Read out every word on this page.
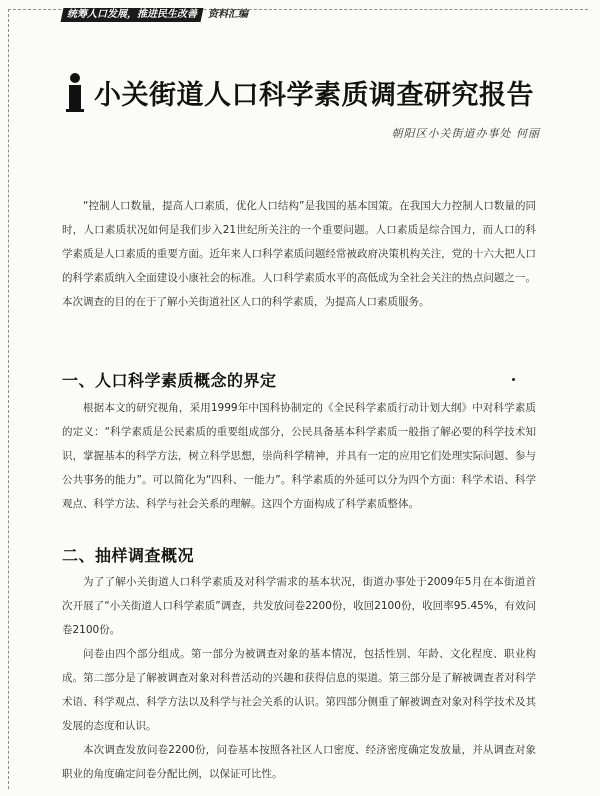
统筹人口发展，推进民生改善	资料汇编
小关街道人口科学素质调查研究报告
朝阳区小关街道办事处 何丽

“控制人口数量，提高人口素质，优化人口结构”是我国的基本国策。在我国大力控制人口数量的同时，人口素质状况如何是我们步入21世纪所关注的一个重要问题。人口素质是综合国力，而人口的科学素质是人口素质的重要方面。近年来人口科学素质问题经常被政府决策机构关注，党的十六大把人口的科学素质纳入全面建设小康社会的标准。人口科学素质水平的高低成为全社会关注的热点问题之一。本次调查的目的在于了解小关街道社区人口的科学素质，为提高人口素质服务。

一、人口科学素质概念的界定

根据本文的研究视角，采用1999年中国科协制定的《全民科学素质行动计划大纲》中对科学素质的定义：“科学素质是公民素质的重要组成部分，公民具备基本科学素质一般指了解必要的科学技术知识，掌握基本的科学方法，树立科学思想，崇尚科学精神，并具有一定的应用它们处理实际问题、参与公共事务的能力”。可以简化为“四科、一能力”。科学素质的外延可以分为四个方面：科学术语、科学观点、科学方法、科学与社会关系的理解。这四个方面构成了科学素质整体。

二、抽样调查概况

为了了解小关街道人口科学素质及对科学需求的基本状况，街道办事处于2009年5月在本街道首次开展了“小关街道人口科学素质”调查，共发放问卷2200份，收回2100份，收回率95.45%，有效问卷2100份。

问卷由四个部分组成。第一部分为被调查对象的基本情况，包括性别、年龄、文化程度、职业构成。第二部分是了解被调查对象对科普活动的兴趣和获得信息的渠道。第三部分是了解被调查者对科学术语、科学观点、科学方法以及科学与社会关系的认识。第四部分侧重了解被调查对象对科学技术及其发展的态度和认识。

本次调查发放问卷2200份，问卷基本按照各社区人口密度、经济密度确定发放量，并从调查对象职业的角度确定问卷分配比例，以保证可比性。
